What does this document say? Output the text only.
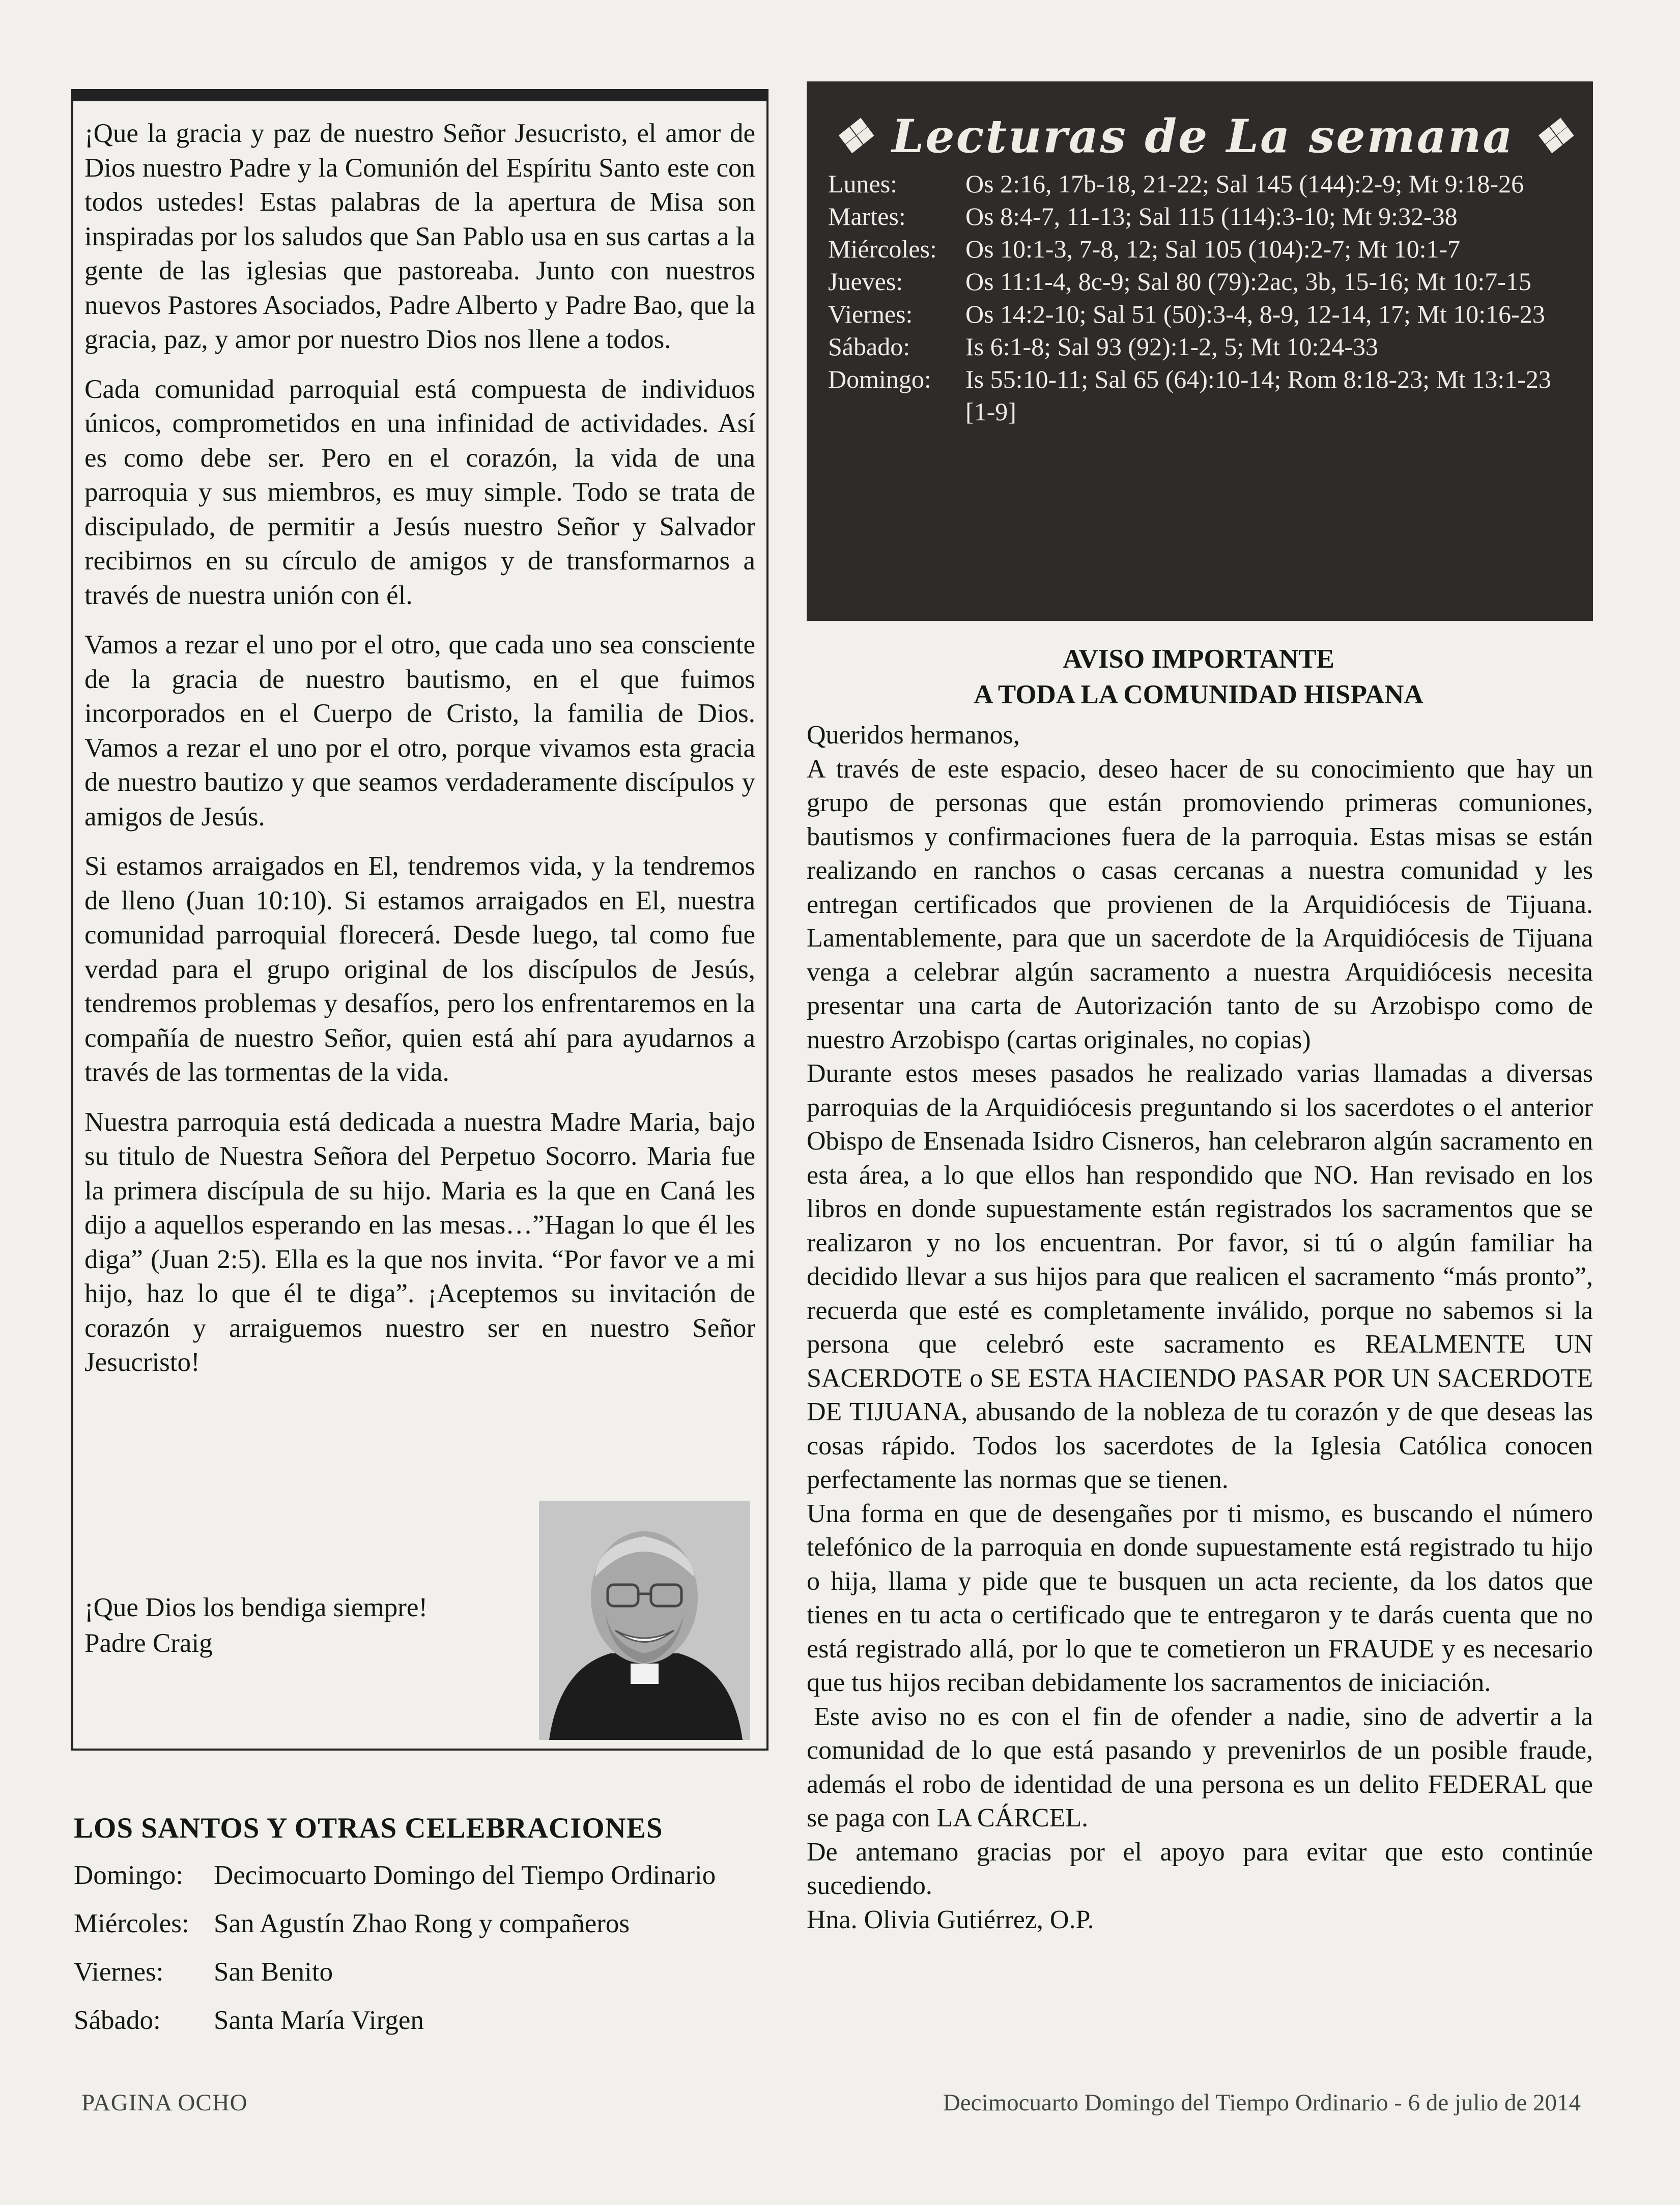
¡Que la gracia y paz de nuestro Señor Jesucristo, el amor de Dios nuestro Padre y la Comunión del Espíritu Santo este con todos ustedes! Estas palabras de la apertura de Misa son inspiradas por los saludos que San Pablo usa en sus cartas a la gente de las iglesias que pastoreaba. Junto con nuestros nuevos Pastores Asociados, Padre Alberto y Padre Bao, que la gracia, paz, y amor por nuestro Dios nos llene a todos.

Cada comunidad parroquial está compuesta de individuos únicos, comprometidos en una infinidad de actividades. Así es como debe ser. Pero en el corazón, la vida de una parroquia y sus miembros, es muy simple. Todo se trata de discipulado, de permitir a Jesús nuestro Señor y Salvador recibirnos en su círculo de amigos y de transformarnos a través de nuestra unión con él.

Vamos a rezar el uno por el otro, que cada uno sea consciente de la gracia de nuestro bautismo, en el que fuimos incorporados en el Cuerpo de Cristo, la familia de Dios. Vamos a rezar el uno por el otro, porque vivamos esta gracia de nuestro bautizo y que seamos verdaderamente discípulos y amigos de Jesús.

Si estamos arraigados en El, tendremos vida, y la tendremos de lleno (Juan 10:10). Si estamos arraigados en El, nuestra comunidad parroquial florecerá. Desde luego, tal como fue verdad para el grupo original de los discípulos de Jesús, tendremos problemas y desafíos, pero los enfrentaremos en la compañía de nuestro Señor, quien está ahí para ayudarnos a través de las tormentas de la vida.

Nuestra parroquia está dedicada a nuestra Madre Maria, bajo su titulo de Nuestra Señora del Perpetuo Socorro. Maria fue la primera discípula de su hijo. Maria es la que en Caná les dijo a aquellos esperando en las mesas…”Hagan lo que él les diga” (Juan 2:5). Ella es la que nos invita. “Por favor ve a mi hijo, haz lo que él te diga”. ¡Aceptemos su invitación de corazón y arraiguemos nuestro ser en nuestro Señor Jesucristo!

¡Que Dios los bendiga siempre!

Padre Craig

LOS SANTOS Y OTRAS CELEBRACIONES
Domingo: Decimocuarto Domingo del Tiempo Ordinario
Miércoles: San Agustín Zhao Rong y compañeros
Viernes: San Benito
Sábado: Santa María Virgen
❖ Lecturas de La semana ❖
Lunes:	Os 2:16, 17b-18, 21-22; Sal 145 (144):2-9; Mt 9:18-26
Martes:	Os 8:4-7, 11-13; Sal 115 (114):3-10; Mt 9:32-38
Miércoles:	Os 10:1-3, 7-8, 12; Sal 105 (104):2-7; Mt 10:1-7
Jueves:	Os 11:1-4, 8c-9; Sal 80 (79):2ac, 3b, 15-16; Mt 10:7-15
Viernes:	Os 14:2-10; Sal 51 (50):3-4, 8-9, 12-14, 17; Mt 10:16-23
Sábado:	Is 6:1-8; Sal 93 (92):1-2, 5; Mt 10:24-33
Domingo:	Is 55:10-11; Sal 65 (64):10-14; Rom 8:18-23; Mt 13:1-23 [1-9]
AVISO IMPORTANTE
A TODA LA COMUNIDAD HISPANA

Queridos hermanos,

A través de este espacio, deseo hacer de su conocimiento que hay un grupo de personas que están promoviendo primeras comuniones, bautismos y confirmaciones fuera de la parroquia. Estas misas se están realizando en ranchos o casas cercanas a nuestra comunidad y les entregan certificados que provienen de la Arquidiócesis de Tijuana. Lamentablemente, para que un sacerdote de la Arquidiócesis de Tijuana venga a celebrar algún sacramento a nuestra Arquidiócesis necesita presentar una carta de Autorización tanto de su Arzobispo como de nuestro Arzobispo (cartas originales, no copias)

Durante estos meses pasados he realizado varias llamadas a diversas parroquias de la Arquidiócesis preguntando si los sacerdotes o el anterior Obispo de Ensenada Isidro Cisneros, han celebraron algún sacramento en esta área, a lo que ellos han respondido que NO. Han revisado en los libros en donde supuestamente están registrados los sacramentos que se realizaron y no los encuentran. Por favor, si tú o algún familiar ha decidido llevar a sus hijos para que realicen el sacramento “más pronto”, recuerda que esté es completamente inválido, porque no sabemos si la persona que celebró este sacramento es REALMENTE UN SACERDOTE o SE ESTA HACIENDO PASAR POR UN SACERDOTE DE TIJUANA, abusando de la nobleza de tu corazón y de que deseas las cosas rápido. Todos los sacerdotes de la Iglesia Católica conocen perfectamente las normas que se tienen.

Una forma en que de desengañes por ti mismo, es buscando el número telefónico de la parroquia en donde supuestamente está registrado tu hijo o hija, llama y pide que te busquen un acta reciente, da los datos que tienes en tu acta o certificado que te entregaron y te darás cuenta que no está registrado allá, por lo que te cometieron un FRAUDE y es necesario que tus hijos reciban debidamente los sacramentos de iniciación.

Este aviso no es con el fin de ofender a nadie, sino de advertir a la comunidad de lo que está pasando y prevenirlos de un posible fraude, además el robo de identidad de una persona es un delito FEDERAL que se paga con LA CÁRCEL.

De antemano gracias por el apoyo para evitar que esto continúe sucediendo.

Hna. Olivia Gutiérrez, O.P.

PAGINA OCHO	Decimocuarto Domingo del Tiempo Ordinario - 6 de julio de 2014
